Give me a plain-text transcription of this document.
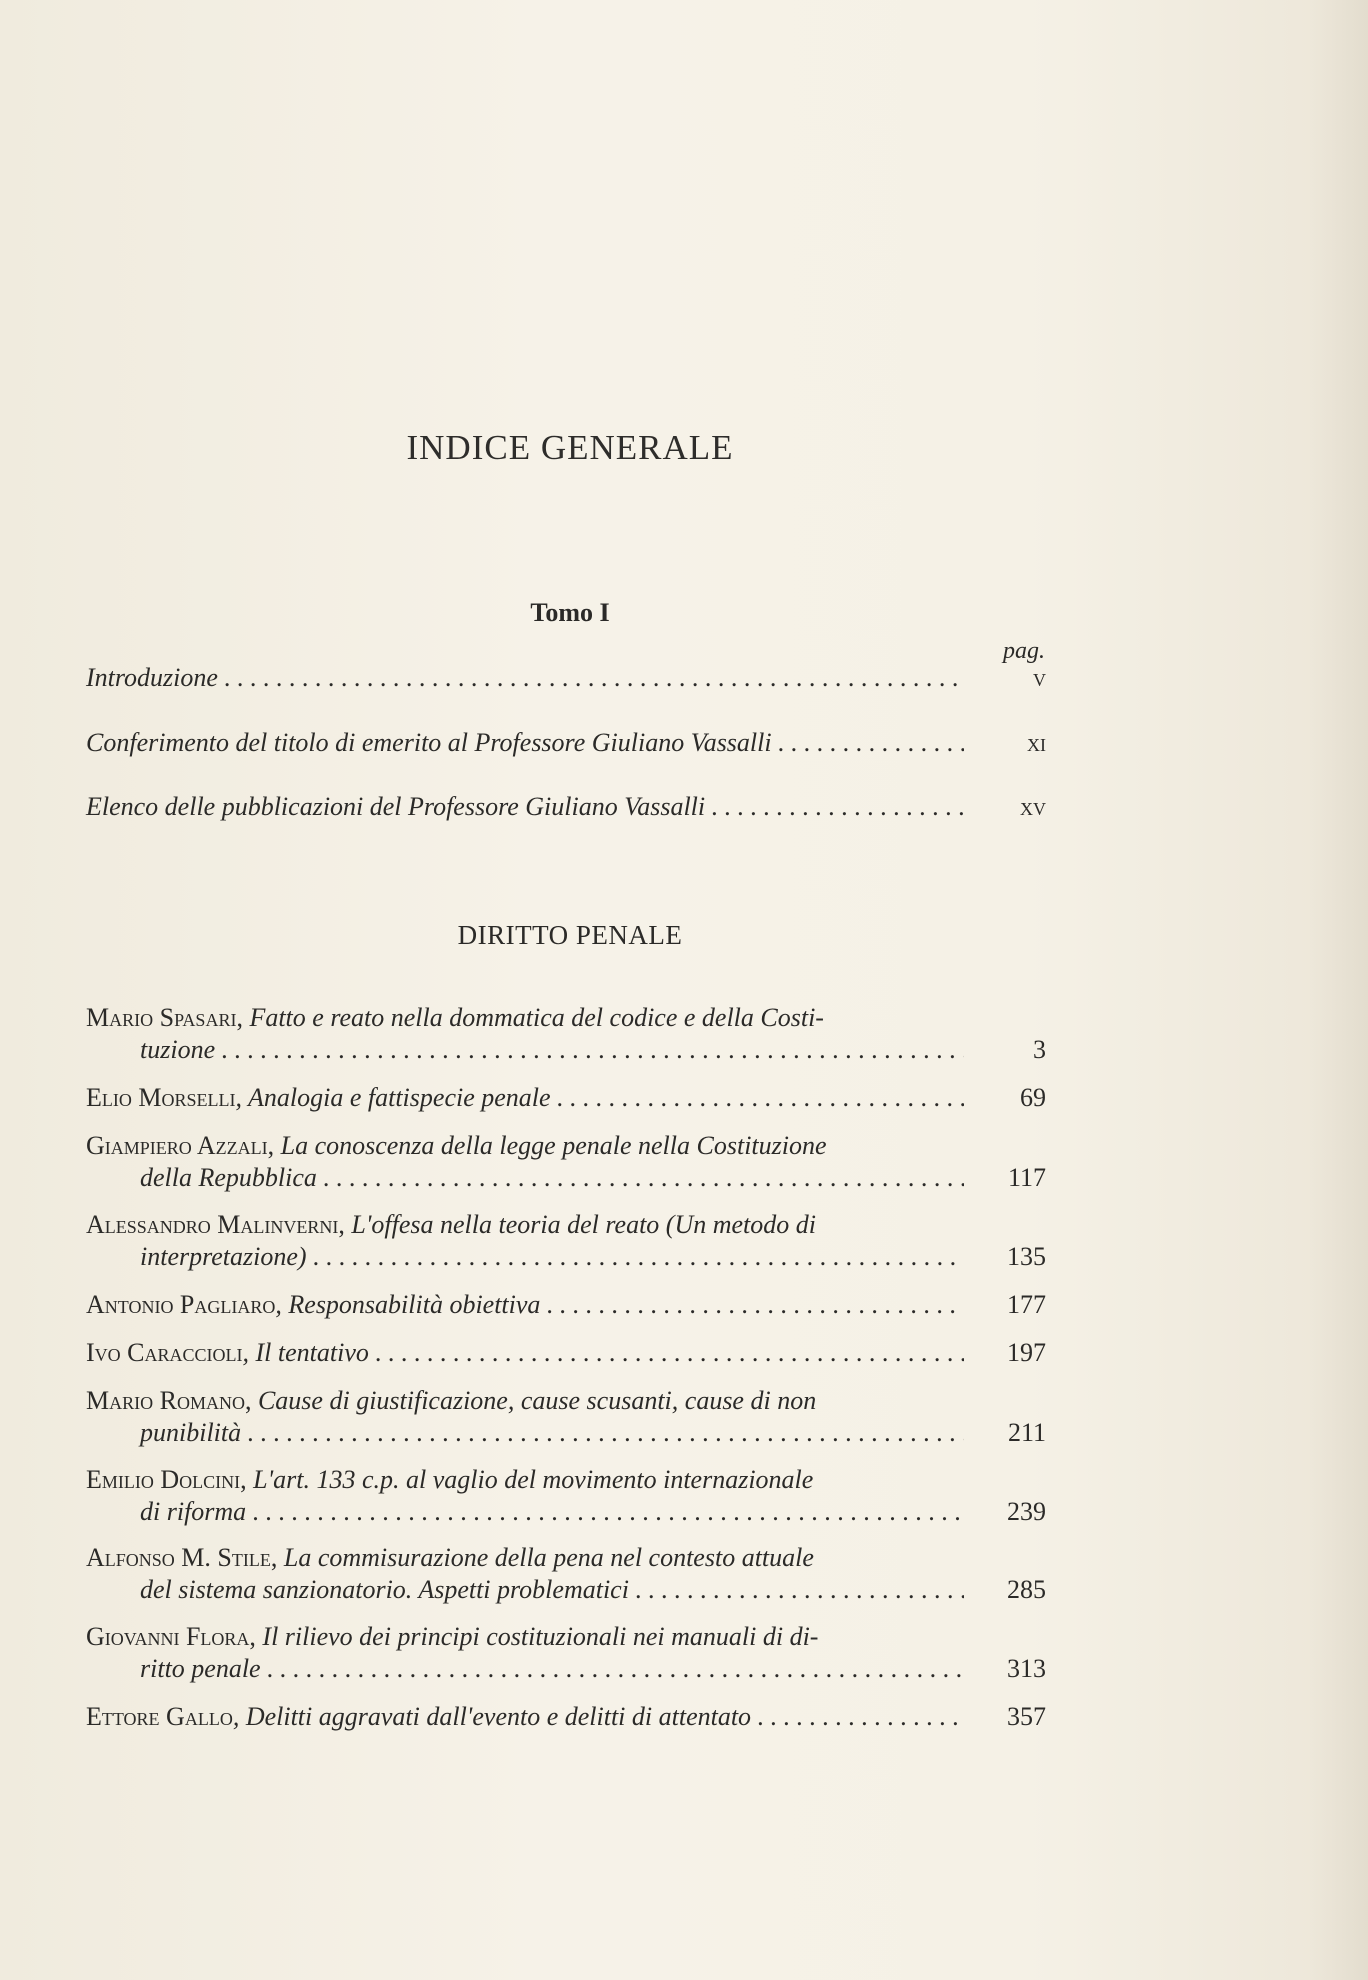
INDICE GENERALE
Tomo I
pag.
Introduzione . . .	v
Conferimento del titolo di emerito al Professore Giuliano Vassalli . . .	xi
Elenco delle pubblicazioni del Professore Giuliano Vassalli . . .	xv
DIRITTO PENALE
Mario Spasari, Fatto e reato nella dommatica del codice e della Costi-
tuzione . . .	3
Elio Morselli, Analogia e fattispecie penale . . .	69
Giampiero Azzali, La conoscenza della legge penale nella Costituzione
della Repubblica . . .	117
Alessandro Malinverni, L'offesa nella teoria del reato (Un metodo di
interpretazione) . . .	135
Antonio Pagliaro, Responsabilità obiettiva . . .	177
Ivo Caraccioli, Il tentativo . . .	197
Mario Romano, Cause di giustificazione, cause scusanti, cause di non
punibilità . . .	211
Emilio Dolcini, L'art. 133 c.p. al vaglio del movimento internazionale
di riforma . . .	239
Alfonso M. Stile, La commisurazione della pena nel contesto attuale
del sistema sanzionatorio. Aspetti problematici . . .	285
Giovanni Flora, Il rilievo dei principi costituzionali nei manuali di di-
ritto penale . . .	313
Ettore Gallo, Delitti aggravati dall'evento e delitti di attentato . . .	357
